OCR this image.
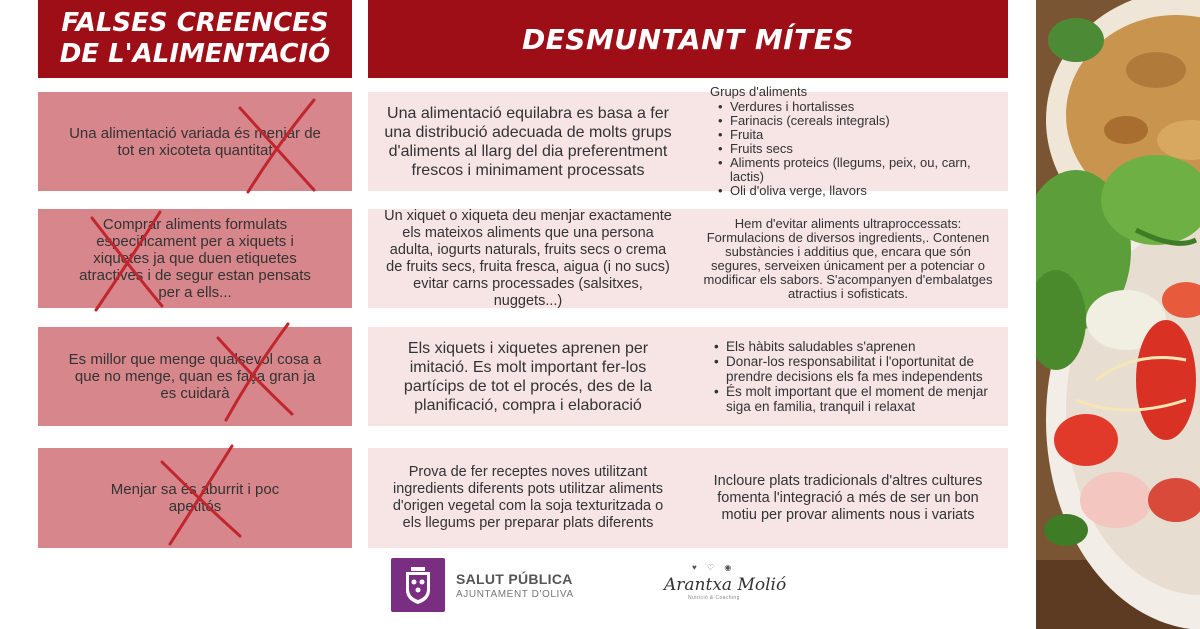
FALSES CREENCES
DE L'ALIMENTACIÓ	DESMUNTANT MÍTES
Una alimentació variada és menjar de tot en xicoteta quantitat
Una alimentació equilabra es basa a fer una distribució adecuada de molts grups d'aliments al llarg del dia preferentment frescos i minimament processats
Grups d'aliments
• Verdures i hortalisses
• Farinacis (cereals integrals)
• Fruita
• Fruits secs
• Aliments proteics (llegums, peix, ou, carn, lactis)
• Oli d'oliva verge, llavors
Comprar aliments formulats especificament per a xiquets i xiquetes ja que duen etiquetes atractives i de segur estan pensats per a ells...
Un xiquet o xiqueta deu menjar exactamente els mateixos aliments que una persona adulta, iogurts naturals, fruits secs o crema de fruits secs, fruita fresca, aigua (i no sucs) evitar carns processades (salsitxes, nuggets...)
Hem d'evitar aliments ultraproccessats: Formulacions de diversos ingredients,. Contenen substàncies i additius que, encara que són segures, serveixen únicament per a potenciar o modificar els sabors. S'acompanyen d'embalatges atractius i sofisticats.
Es millor que menge qualsevol cosa a que no menge, quan es faça gran ja es cuidarà
Els xiquets i xiquetes aprenen per imitació. Es molt important fer-los partícips de tot el procés, des de la planificació, compra i elaboració
• Els hàbits saludables s'aprenen
• Donar-los responsabilitat i l'oportunitat de prendre decisions els fa mes independents
• És molt important que el moment de menjar siga en familia, tranquil i relaxat
Menjar sa és aburrit i poc apetitós
Prova de fer receptes noves utilitzant ingredients diferents pots utilitzar aliments d'origen vegetal com la soja texturitzada o els llegums per preparar plats diferents
Incloure plats tradicionals d'altres cultures fomenta l'integració a més de ser un bon motiu per provar aliments nous i variats
SALUT PÚBLICA
AJUNTAMENT D'OLIVA
♥ ♡ ◉
Arantxa Molió
Nutrició & Coaching
